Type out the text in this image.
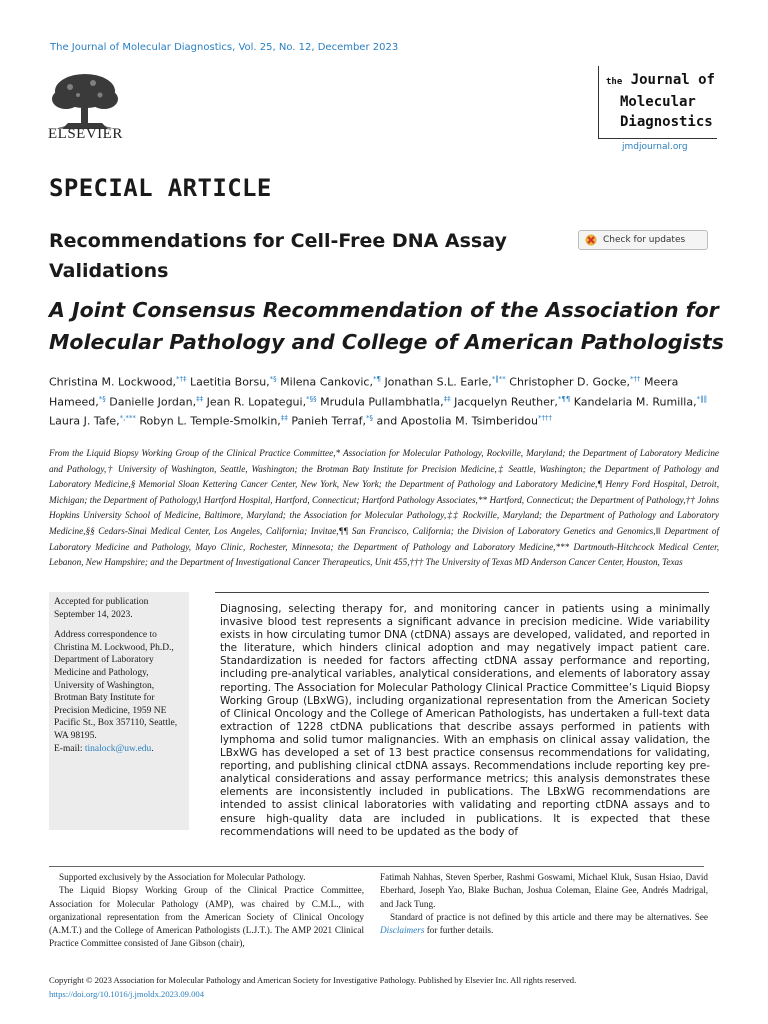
The Journal of Molecular Diagnostics, Vol. 25, No. 12, December 2023
ELSEVIER
the Journal of
Molecular
Diagnostics
jmdjournal.org
SPECIAL ARTICLE
Recommendations for Cell-Free DNA Assay Validations
Check for updates
A Joint Consensus Recommendation of the Association for Molecular Pathology and College of American Pathologists
Christina M. Lockwood,*†‡ Laetitia Borsu,*§ Milena Cankovic,*¶ Jonathan S.L. Earle,*‖** Christopher D. Gocke,*†† Meera Hameed,*§ Danielle Jordan,‡‡ Jean R. Lopategui,*§§ Mrudula Pullambhatla,‡‡ Jacquelyn Reuther,*¶¶ Kandelaria M. Rumilla,*‖‖ Laura J. Tafe,*,*** Robyn L. Temple-Smolkin,‡‡ Panieh Terraf,*§ and Apostolia M. Tsimberidou*†††
From the Liquid Biopsy Working Group of the Clinical Practice Committee,* Association for Molecular Pathology, Rockville, Maryland; the Department of Laboratory Medicine and Pathology,† University of Washington, Seattle, Washington; the Brotman Baty Institute for Precision Medicine,‡ Seattle, Washington; the Department of Pathology and Laboratory Medicine,§ Memorial Sloan Kettering Cancer Center, New York, New York; the Department of Pathology and Laboratory Medicine,¶ Henry Ford Hospital, Detroit, Michigan; the Department of Pathology,‖ Hartford Hospital, Hartford, Connecticut; Hartford Pathology Associates,** Hartford, Connecticut; the Department of Pathology,†† Johns Hopkins University School of Medicine, Baltimore, Maryland; the Association for Molecular Pathology,‡‡ Rockville, Maryland; the Department of Pathology and Laboratory Medicine,§§ Cedars-Sinai Medical Center, Los Angeles, California; Invitae,¶¶ San Francisco, California; the Division of Laboratory Genetics and Genomics,‖‖ Department of Laboratory Medicine and Pathology, Mayo Clinic, Rochester, Minnesota; the Department of Pathology and Laboratory Medicine,*** Dartmouth-Hitchcock Medical Center, Lebanon, New Hampshire; and the Department of Investigational Cancer Therapeutics, Unit 455,††† The University of Texas MD Anderson Cancer Center, Houston, Texas

Accepted for publication September 14, 2023.

Address correspondence to Christina M. Lockwood, Ph.D., Department of Laboratory Medicine and Pathology, University of Washington, Brotman Baty Institute for Precision Medicine, 1959 NE Pacific St., Box 357110, Seattle, WA 98195.

E-mail: tinalock@uw.edu.

Diagnosing, selecting therapy for, and monitoring cancer in patients using a minimally invasive blood test represents a significant advance in precision medicine. Wide variability exists in how circulating tumor DNA (ctDNA) assays are developed, validated, and reported in the literature, which hinders clinical adoption and may negatively impact patient care. Standardization is needed for factors affecting ctDNA assay performance and reporting, including pre-analytical variables, analytical considerations, and elements of laboratory assay reporting. The Association for Molecular Pathology Clinical Practice Committee’s Liquid Biopsy Working Group (LBxWG), including organizational representation from the American Society of Clinical Oncology and the College of American Pathologists, has undertaken a full-text data extraction of 1228 ctDNA publications that describe assays performed in patients with lymphoma and solid tumor malignancies. With an emphasis on clinical assay validation, the LBxWG has developed a set of 13 best practice consensus recommendations for validating, reporting, and publishing clinical ctDNA assays. Recommendations include reporting key pre-analytical considerations and assay performance metrics; this analysis demonstrates these elements are inconsistently included in publications. The LBxWG recommendations are intended to assist clinical laboratories with validating and reporting ctDNA assays and to ensure high-quality data are included in publications. It is expected that these recommendations will need to be updated as the body of

Supported exclusively by the Association for Molecular Pathology.

The Liquid Biopsy Working Group of the Clinical Practice Committee, Association for Molecular Pathology (AMP), was chaired by C.M.L., with organizational representation from the American Society of Clinical Oncology (A.M.T.) and the College of American Pathologists (L.J.T.). The AMP 2021 Clinical Practice Committee consisted of Jane Gibson (chair),

Fatimah Nahhas, Steven Sperber, Rashmi Goswami, Michael Kluk, Susan Hsiao, David Eberhard, Joseph Yao, Blake Buchan, Joshua Coleman, Elaine Gee, Andrés Madrigal, and Jack Tung.

Standard of practice is not defined by this article and there may be alternatives. See Disclaimers for further details.

Copyright © 2023 Association for Molecular Pathology and American Society for Investigative Pathology. Published by Elsevier Inc. All rights reserved.
https://doi.org/10.1016/j.jmoldx.2023.09.004
